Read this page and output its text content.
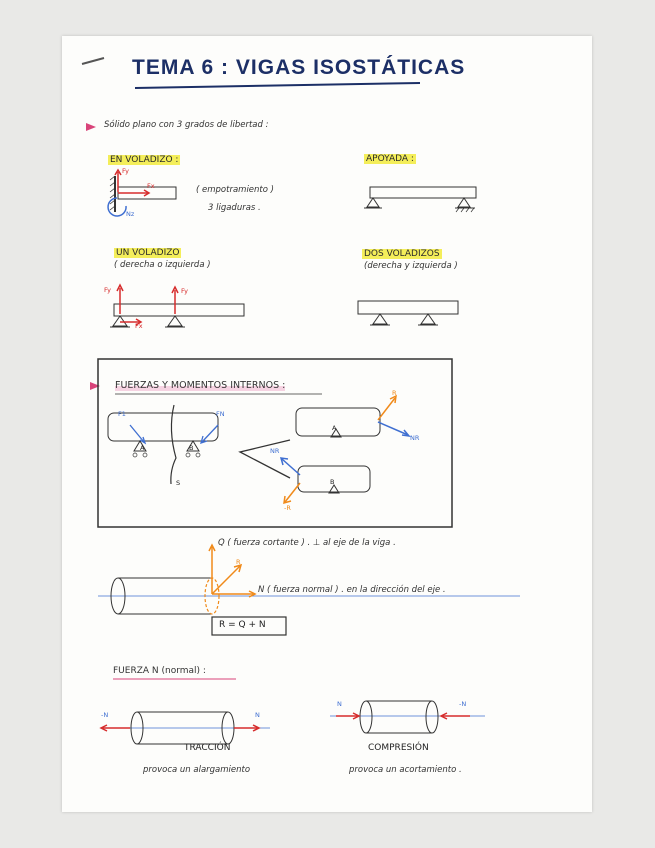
TEMA 6 : VIGAS ISOSTÁTICAS
Sólido plano con 3 grados de libertad :
EN VOLADIZO :
Fy
Fx
Nz
( empotramiento )
3 ligaduras .
APOYADA :
UN VOLADIZO
( derecha o izquierda )
Fy
Fx
Fy
DOS VOLADIZOS
(derecha y izquierda )
FUERZAS Y MOMENTOS INTERNOS :
F1	FN
A	B
S
R
NR
A
NR
B
-R
Q ( fuerza cortante ) . ⊥ al eje de la viga .
R
N ( fuerza normal ) . en la dirección del eje .
R = Q + N
FUERZA N (normal) :
-N	N
N	-N
TRACCIÓN
provoca un alargamiento
COMPRESIÓN
provoca un acortamiento .
